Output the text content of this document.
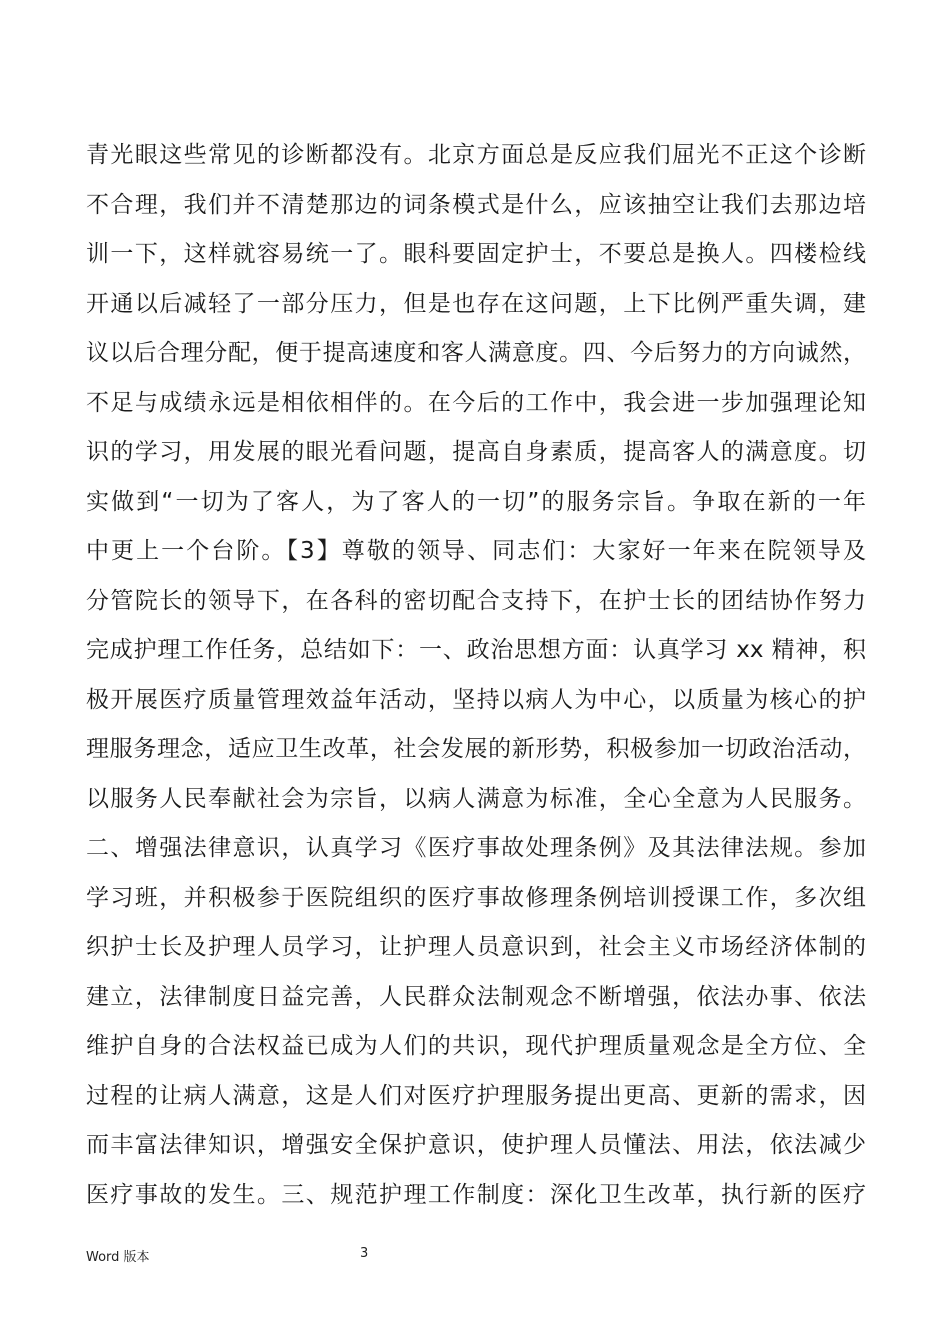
青光眼这些常见的诊断都没有。北京方面总是反应我们屈光不正这个诊断
不合理，我们并不清楚那边的词条模式是什么，应该抽空让我们去那边培
训一下，这样就容易统一了。眼科要固定护士，不要总是换人。四楼检线
开通以后减轻了一部分压力，但是也存在这问题，上下比例严重失调，建
议以后合理分配，便于提高速度和客人满意度。四、今后努力的方向诚然，
不足与成绩永远是相依相伴的。在今后的工作中，我会进一步加强理论知
识的学习，用发展的眼光看问题，提高自身素质，提高客人的满意度。切
实做到“一切为了客人，为了客人的一切”的服务宗旨。争取在新的一年
中更上一个台阶。【3】尊敬的领导、同志们：大家好一年来在院领导及
分管院长的领导下，在各科的密切配合支持下，在护士长的团结协作努力
完成护理工作任务，总结如下：一、政治思想方面：认真学习 xx 精神，积
极开展医疗质量管理效益年活动，坚持以病人为中心，以质量为核心的护
理服务理念，适应卫生改革，社会发展的新形势，积极参加一切政治活动，
以服务人民奉献社会为宗旨，以病人满意为标准，全心全意为人民服务。
二、增强法律意识，认真学习《医疗事故处理条例》及其法律法规。参加
学习班，并积极参于医院组织的医疗事故修理条例培训授课工作，多次组
织护士长及护理人员学习，让护理人员意识到，社会主义市场经济体制的
建立，法律制度日益完善，人民群众法制观念不断增强，依法办事、依法
维护自身的合法权益已成为人们的共识，现代护理质量观念是全方位、全
过程的让病人满意，这是人们对医疗护理服务提出更高、更新的需求，因
而丰富法律知识，增强安全保护意识，使护理人员懂法、用法，依法减少
医疗事故的发生。三、规范护理工作制度：深化卫生改革，执行新的医疗
Word 版本	3
